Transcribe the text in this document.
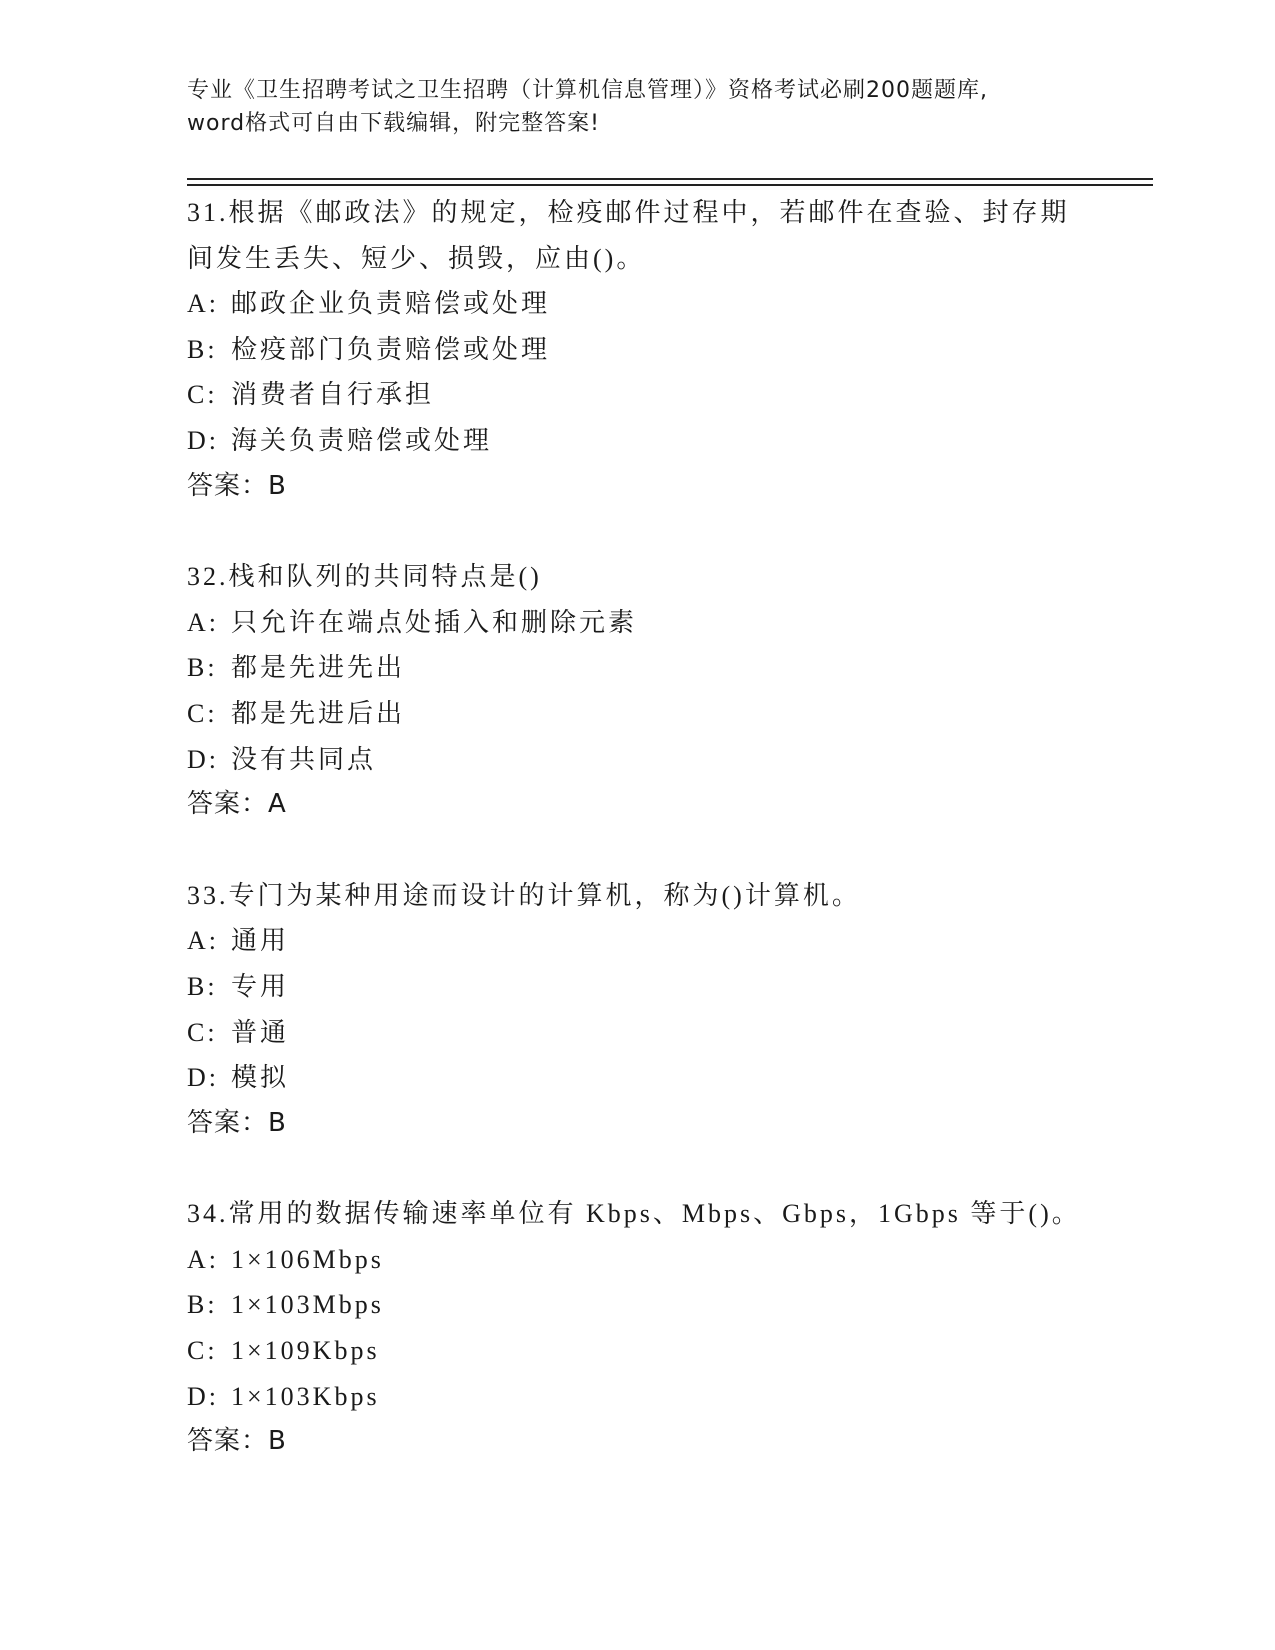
专业《卫生招聘考试之卫生招聘（计算机信息管理）》资格考试必刷200题题库,
word格式可自由下载编辑，附完整答案!
31.根据《邮政法》的规定，检疫邮件过程中，若邮件在查验、封存期
间发生丢失、短少、损毁，应由()。
A: 邮政企业负责赔偿或处理
B: 检疫部门负责赔偿或处理
C: 消费者自行承担
D: 海关负责赔偿或处理
答案：B
32.栈和队列的共同特点是()
A: 只允许在端点处插入和删除元素
B: 都是先进先出
C: 都是先进后出
D: 没有共同点
答案：A
33.专门为某种用途而设计的计算机，称为()计算机。
A: 通用
B: 专用
C: 普通
D: 模拟
答案：B
34.常用的数据传输速率单位有 Kbps、Mbps、Gbps，1Gbps 等于()。
A: 1×106Mbps
B: 1×103Mbps
C: 1×109Kbps
D: 1×103Kbps
答案：B
